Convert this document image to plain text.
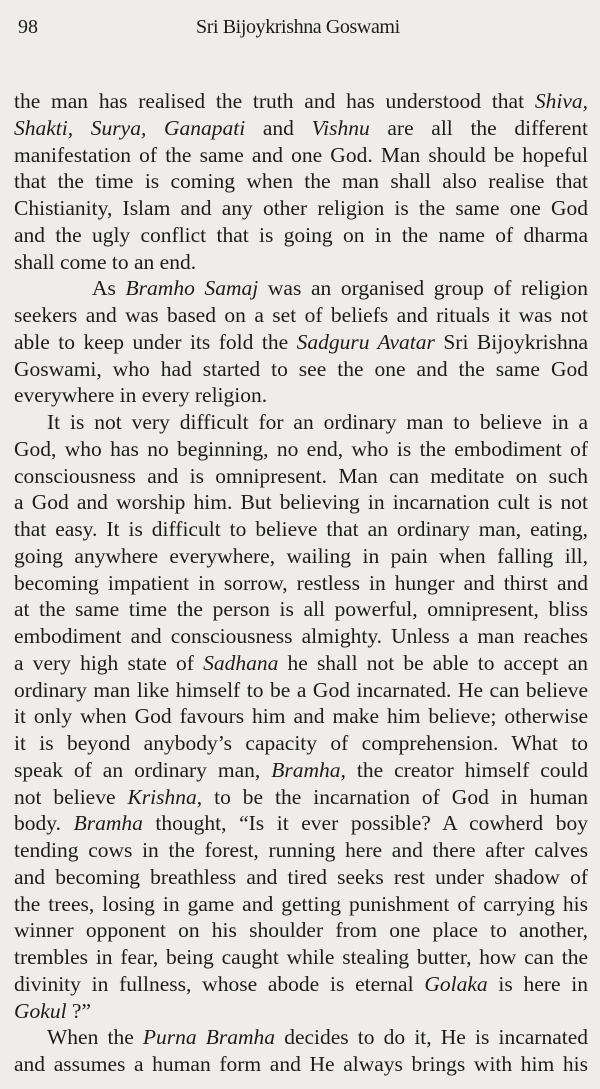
98	Sri Bijoykrishna Goswami
the man has realised the truth and has understood that Shiva,
Shakti, Surya, Ganapati and Vishnu are all the different
manifestation of the same and one God. Man should be hopeful
that the time is coming when the man shall also realise that
Chistianity, Islam and any other religion is the same one God
and the ugly conflict that is going on in the name of dharma
shall come to an end.
As Bramho Samaj was an organised group of religion
seekers and was based on a set of beliefs and rituals it was not
able to keep under its fold the Sadguru Avatar Sri Bijoykrishna
Goswami, who had started to see the one and the same God
everywhere in every religion.
It is not very difficult for an ordinary man to believe in a
God, who has no beginning, no end, who is the embodiment of
consciousness and is omnipresent. Man can meditate on such
a God and worship him. But believing in incarnation cult is not
that easy. It is difficult to believe that an ordinary man, eating,
going anywhere everywhere, wailing in pain when falling ill,
becoming impatient in sorrow, restless in hunger and thirst and
at the same time the person is all powerful, omnipresent, bliss
embodiment and consciousness almighty. Unless a man reaches
a very high state of Sadhana he shall not be able to accept an
ordinary man like himself to be a God incarnated. He can believe
it only when God favours him and make him believe; otherwise
it is beyond anybody’s capacity of comprehension. What to
speak of an ordinary man, Bramha, the creator himself could
not believe Krishna, to be the incarnation of God in human
body. Bramha thought, “Is it ever possible? A cowherd boy
tending cows in the forest, running here and there after calves
and becoming breathless and tired seeks rest under shadow of
the trees, losing in game and getting punishment of carrying his
winner opponent on his shoulder from one place to another,
trembles in fear, being caught while stealing butter, how can the
divinity in fullness, whose abode is eternal Golaka is here in
Gokul ?”
When the Purna Bramha decides to do it, He is incarnated
and assumes a human form and He always brings with him his
